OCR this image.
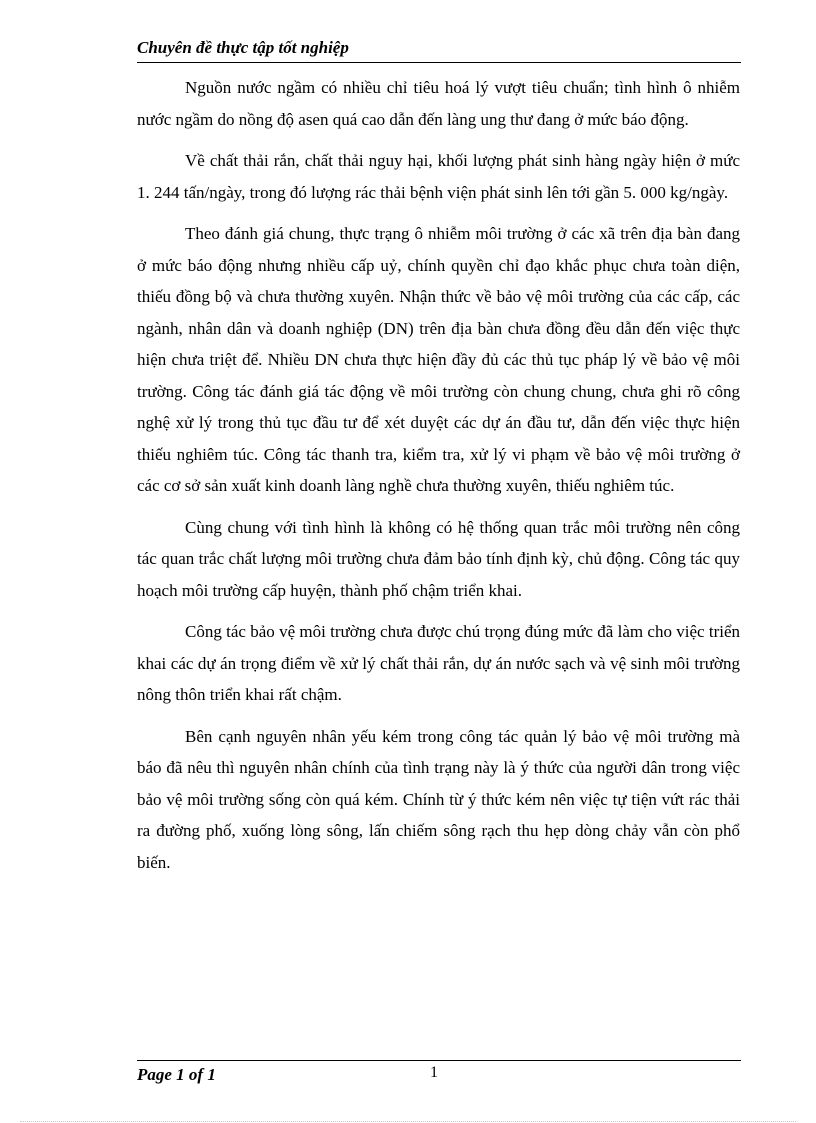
Chuyên đề thực tập tốt nghiệp

Nguồn nước ngầm có nhiều chỉ tiêu hoá lý vượt tiêu chuẩn; tình hình ô nhiễm nước ngầm do nồng độ asen quá cao dẫn đến làng ung thư đang ở mức báo động.

Về chất thải rắn, chất thải nguy hại, khối lượng phát sinh hàng ngày hiện ở mức 1. 244 tấn/ngày, trong đó lượng rác thải bệnh viện phát sinh lên tới gần 5. 000 kg/ngày.

Theo đánh giá chung, thực trạng ô nhiễm môi trường ở các xã trên địa bàn đang ở mức báo động nhưng nhiều cấp uỷ, chính quyền chỉ đạo khắc phục chưa toàn diện, thiếu đồng bộ và chưa thường xuyên. Nhận thức về bảo vệ môi trường của các cấp, các ngành, nhân dân và doanh nghiệp (DN) trên địa bàn chưa đồng đều dẫn đến việc thực hiện chưa triệt để. Nhiều DN chưa thực hiện đầy đủ các thủ tục pháp lý về bảo vệ môi trường. Công tác đánh giá tác động về môi trường còn chung chung, chưa ghi rõ công nghệ xử lý trong thủ tục đầu tư để xét duyệt các dự án đầu tư, dẫn đến việc thực hiện thiếu nghiêm túc. Công tác thanh tra, kiểm tra, xử lý vi phạm về bảo vệ môi trường ở các cơ sở sản xuất kinh doanh làng nghề chưa thường xuyên, thiếu nghiêm túc.

Cùng chung với tình hình là không có hệ thống quan trắc môi trường nên công tác quan trắc chất lượng môi trường chưa đảm bảo tính định kỳ, chủ động. Công tác quy hoạch môi trường cấp huyện, thành phố chậm triển khai.

Công tác bảo vệ môi trường chưa được chú trọng đúng mức đã làm cho việc triển khai các dự án trọng điểm về xử lý chất thải rắn, dự án nước sạch và vệ sinh môi trường nông thôn triển khai rất chậm.

Bên cạnh nguyên nhân yếu kém trong công tác quản lý bảo vệ môi trường mà báo đã nêu thì nguyên nhân chính của tình trạng này là ý thức của người dân trong việc bảo vệ môi trường sống còn quá kém. Chính từ ý thức kém nên việc tự tiện vứt rác thải ra đường phố, xuống lòng sông, lấn chiếm sông rạch thu hẹp dòng chảy vẫn còn phổ biến.

Page 1 of 1	1
